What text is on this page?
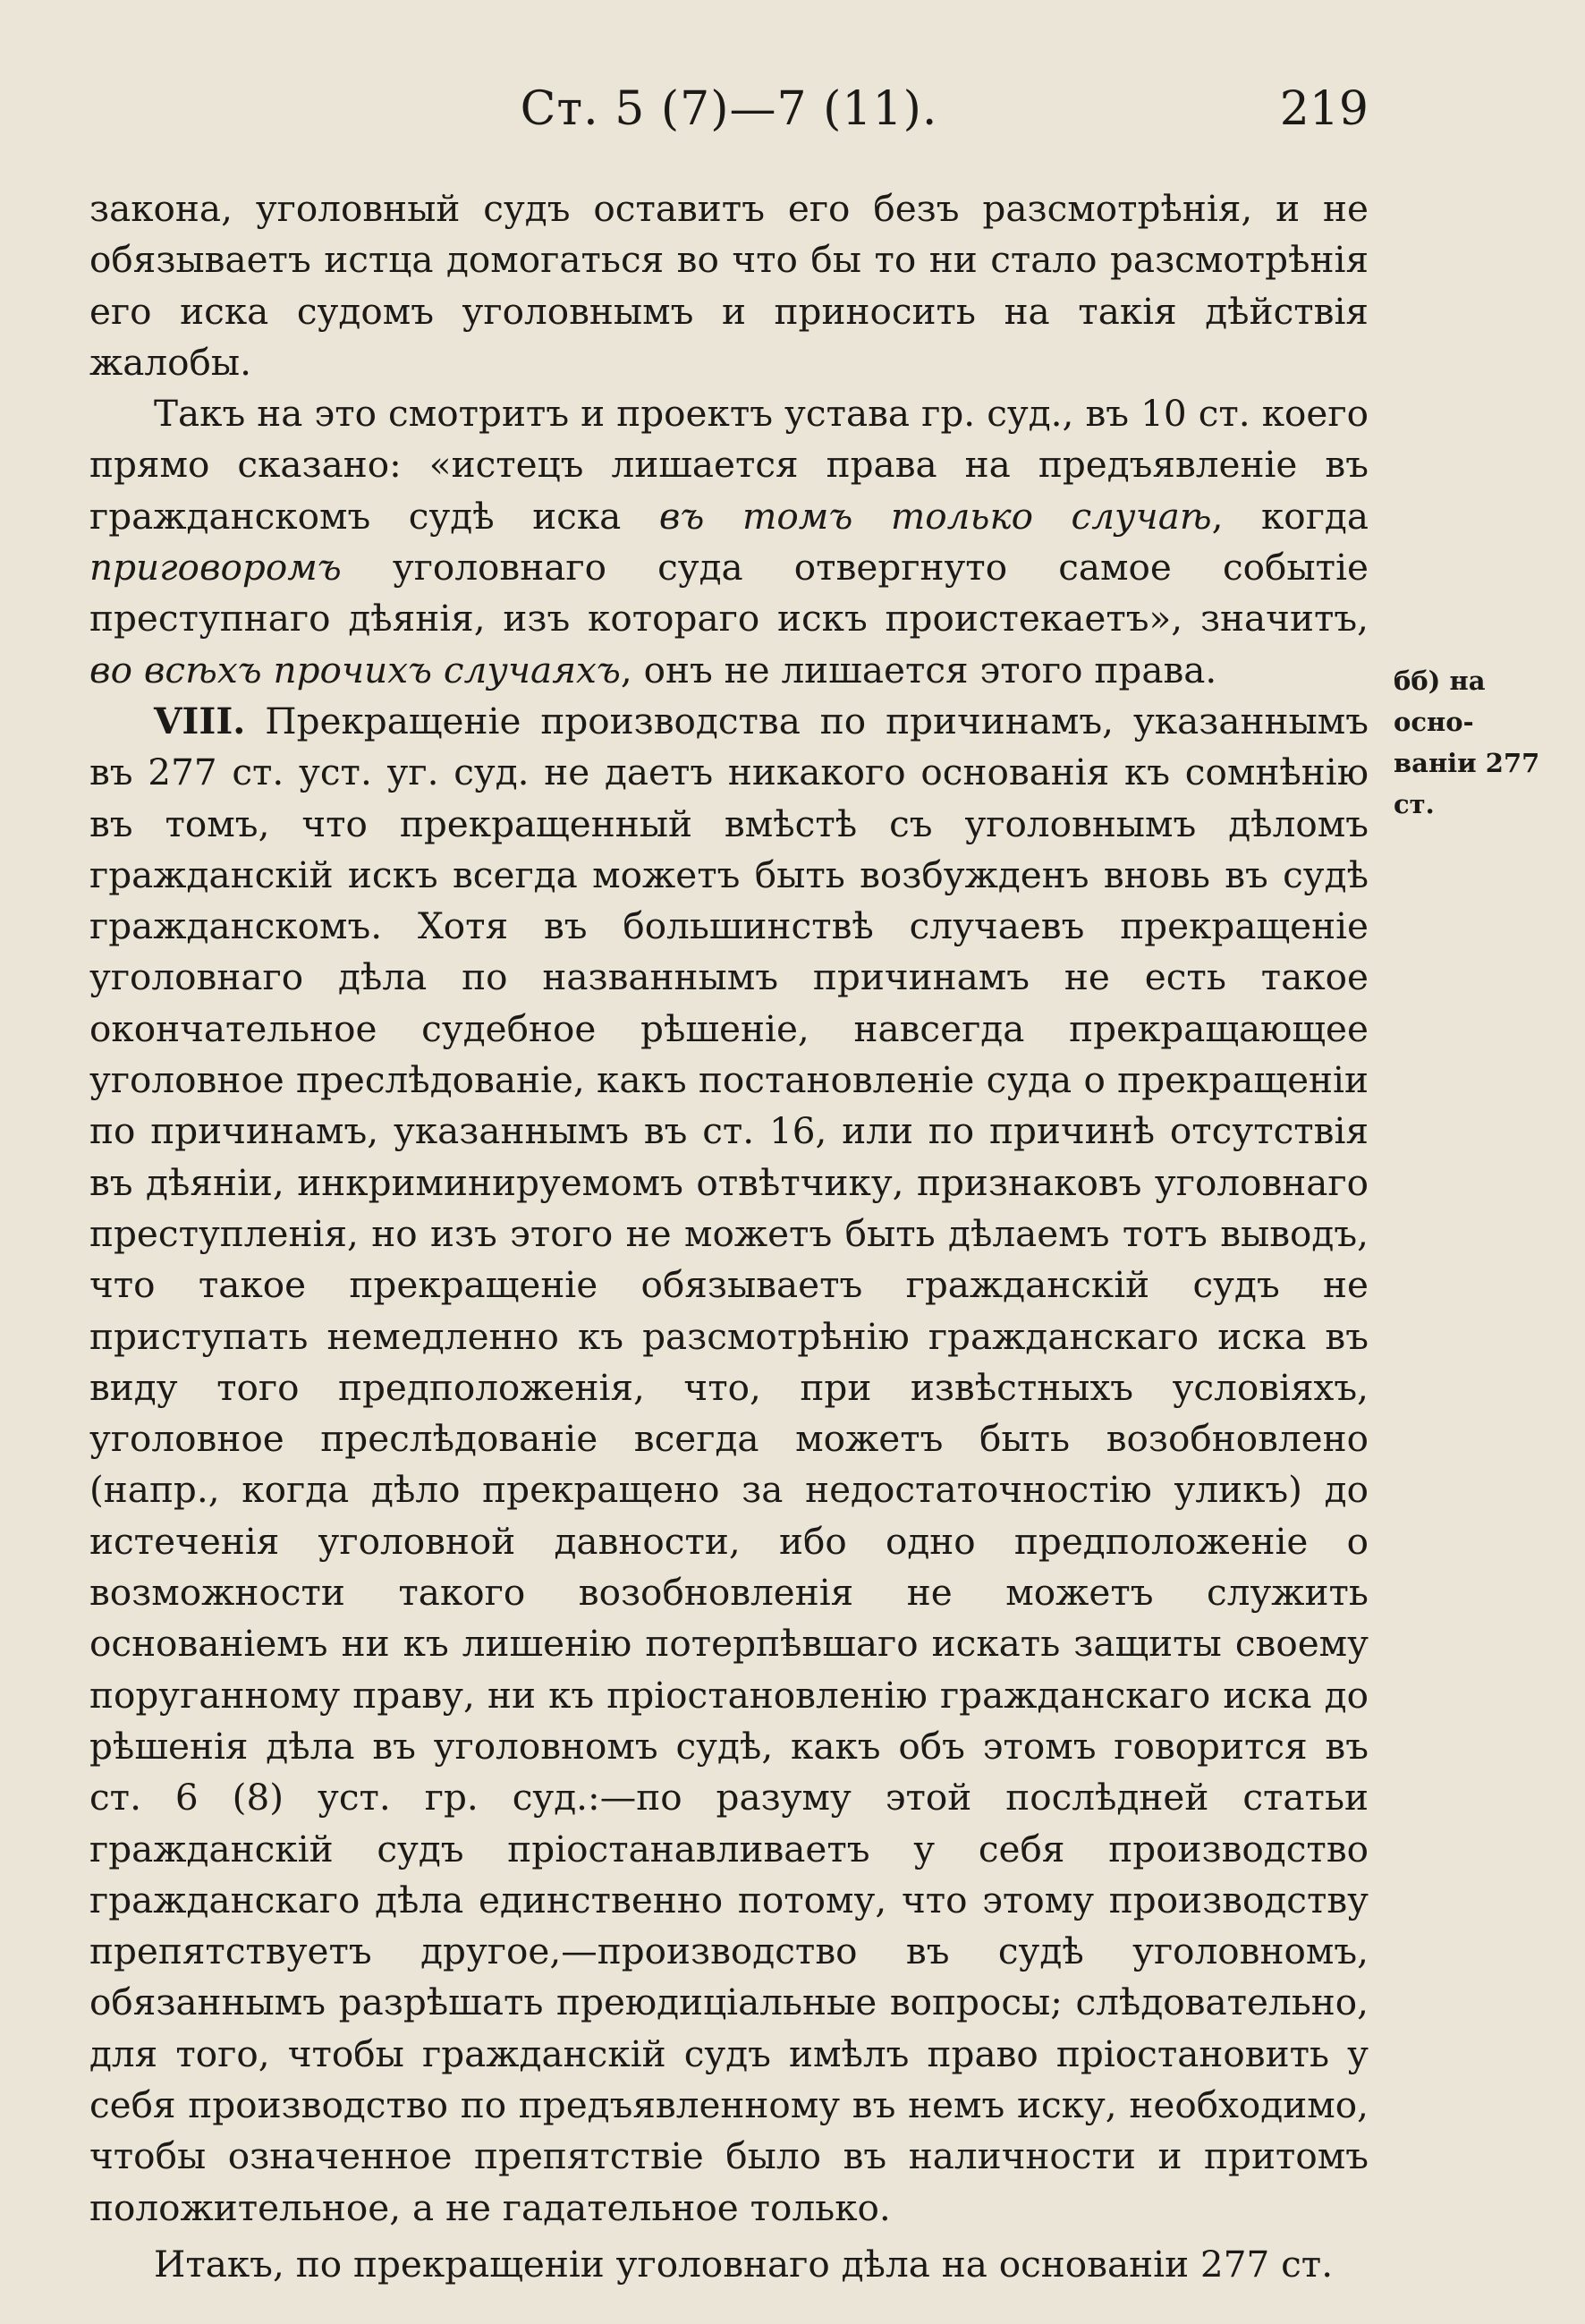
Ст. 5 (7)—7 (11).	219

закона, уголовный судъ оставитъ его безъ разсмотрѣнія, и не обязываетъ истца домогаться во что бы то ни стало разсмотрѣнія его иска судомъ уголовнымъ и приносить на такія дѣйствія жалобы.

Такъ на это смотритъ и проектъ устава гр. суд., въ 10 ст. коего прямо сказано: «истецъ лишается права на предъявленіе въ гражданскомъ судѣ иска въ томъ только случаѣ, когда приговоромъ уголовнаго суда отвергнуто самое событіе преступнаго дѣянія, изъ котораго искъ проистекаетъ», значитъ, во всѣхъ прочихъ случаяхъ, онъ не лишается этого права.

VIII. Прекращеніе производства по причинамъ, указаннымъ въ 277 ст. уст. уг. суд. не даетъ никакого основанія къ сомнѣнію въ томъ, что прекращенный вмѣстѣ съ уголовнымъ дѣломъ гражданскій искъ всегда можетъ быть возбужденъ вновь въ судѣ гражданскомъ. Хотя въ большинствѣ случаевъ прекращеніе уголовнаго дѣла по названнымъ причинамъ не есть такое окончательное судебное рѣшеніе, навсегда прекращающее уголовное преслѣдованіе, какъ постановленіе суда о прекращеніи по причинамъ, указаннымъ въ ст. 16, или по причинѣ отсутствія въ дѣяніи, инкриминируемомъ отвѣтчику, признаковъ уголовнаго преступленія, но изъ этого не можетъ быть дѣлаемъ тотъ выводъ, что такое прекращеніе обязываетъ гражданскій судъ не приступать немедленно къ разсмотрѣнію гражданскаго иска въ виду того предположенія, что, при извѣстныхъ условіяхъ, уголовное преслѣдованіе всегда можетъ быть возобновлено (напр., когда дѣло прекращено за недостаточностію уликъ) до истеченія уголовной давности, ибо одно предположеніе о возможности такого возобновленія не можетъ служить основаніемъ ни къ лишенію потерпѣвшаго искать защиты своему поруганному праву, ни къ пріостановленію гражданскаго иска до рѣшенія дѣла въ уголовномъ судѣ, какъ объ этомъ говорится въ ст. 6 (8) уст. гр. суд.:—по разуму этой послѣдней статьи гражданскій судъ пріостанавливаетъ у себя производство гражданскаго дѣла единственно потому, что этому производству препятствуетъ другое,—производство въ судѣ уголовномъ, обязаннымъ разрѣшать преюдиціальные вопросы; слѣдовательно, для того, чтобы гражданскій судъ имѣлъ право пріостановить у себя производство по предъявленному въ немъ иску, необходимо, чтобы означенное препятствіе было въ наличности и притомъ положительное, а не гадательное только.

Итакъ, по прекращеніи уголовнаго дѣла на основаніи 277 ст.

бб) на осно-
ваніи 277 ст.
